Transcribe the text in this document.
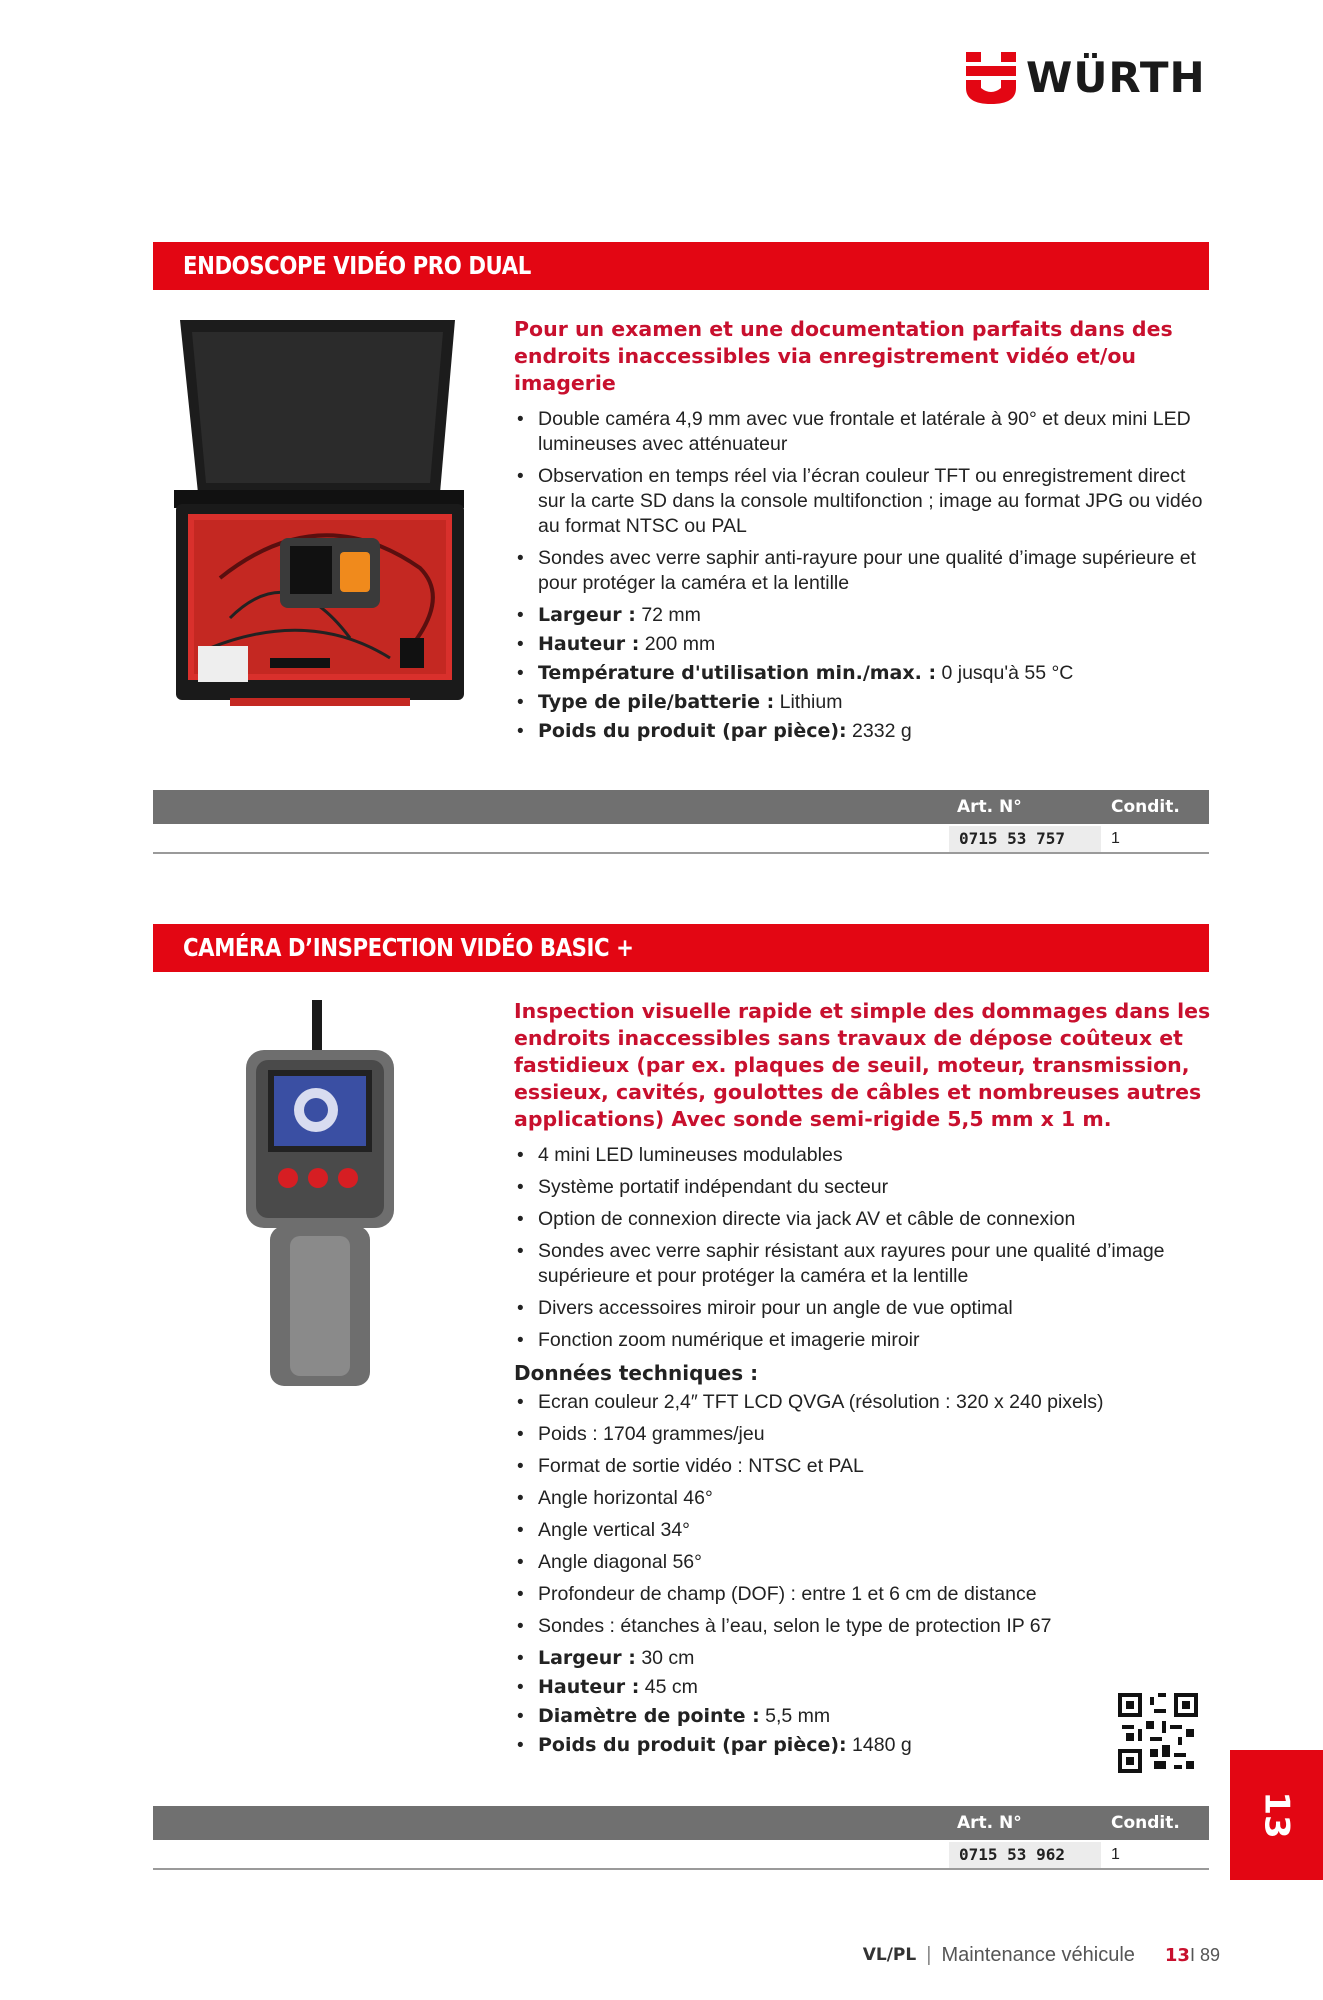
WÜRTH
ENDOSCOPE VIDÉO PRO DUAL

Pour un examen et une documentation parfaits dans des endroits inaccessibles via enregistrement vidéo et/ou imagerie

• Double caméra 4,9 mm avec vue frontale et latérale à 90° et deux mini LED lumineuses avec atténuateur
• Observation en temps réel via l’écran couleur TFT ou enregistrement direct sur la carte SD dans la console multifonction ; image au format JPG ou vidéo au format NTSC ou PAL
• Sondes avec verre saphir anti-rayure pour une qualité d’image supérieure et pour protéger la caméra et la lentille
• Largeur : 72 mm
• Hauteur : 200 mm
• Température d'utilisation min./max. : 0 jusqu'à 55 °C
• Type de pile/batterie : Lithium
• Poids du produit (par pièce): 2332 g
Art. N°	Condit.
0715 53 757	1
CAMÉRA D’INSPECTION VIDÉO BASIC +

Inspection visuelle rapide et simple des dommages dans les endroits inaccessibles sans travaux de dépose coûteux et fastidieux (par ex. plaques de seuil, moteur, transmission, essieux, cavités, goulottes de câbles et nombreuses autres applications) Avec sonde semi-rigide 5,5 mm x 1 m.

• 4 mini LED lumineuses modulables
• Système portatif indépendant du secteur
• Option de connexion directe via jack AV et câble de connexion
• Sondes avec verre saphir résistant aux rayures pour une qualité d’image supérieure et pour protéger la caméra et la lentille
• Divers accessoires miroir pour un angle de vue optimal
• Fonction zoom numérique et imagerie miroir

Données techniques :

• Ecran couleur 2,4″ TFT LCD QVGA (résolution : 320 x 240 pixels)
• Poids : 1704 grammes/jeu
• Format de sortie vidéo : NTSC et PAL
• Angle horizontal 46°
• Angle vertical 34°
• Angle diagonal 56°
• Profondeur de champ (DOF) : entre 1 et 6 cm de distance
• Sondes : étanches à l’eau, selon le type de protection IP 67
• Largeur : 30 cm
• Hauteur : 45 cm
• Diamètre de pointe : 5,5 mm
• Poids du produit (par pièce): 1480 g
Art. N°	Condit.
0715 53 962	1
13
VL/PL | Maintenance véhicule 13 I 89
